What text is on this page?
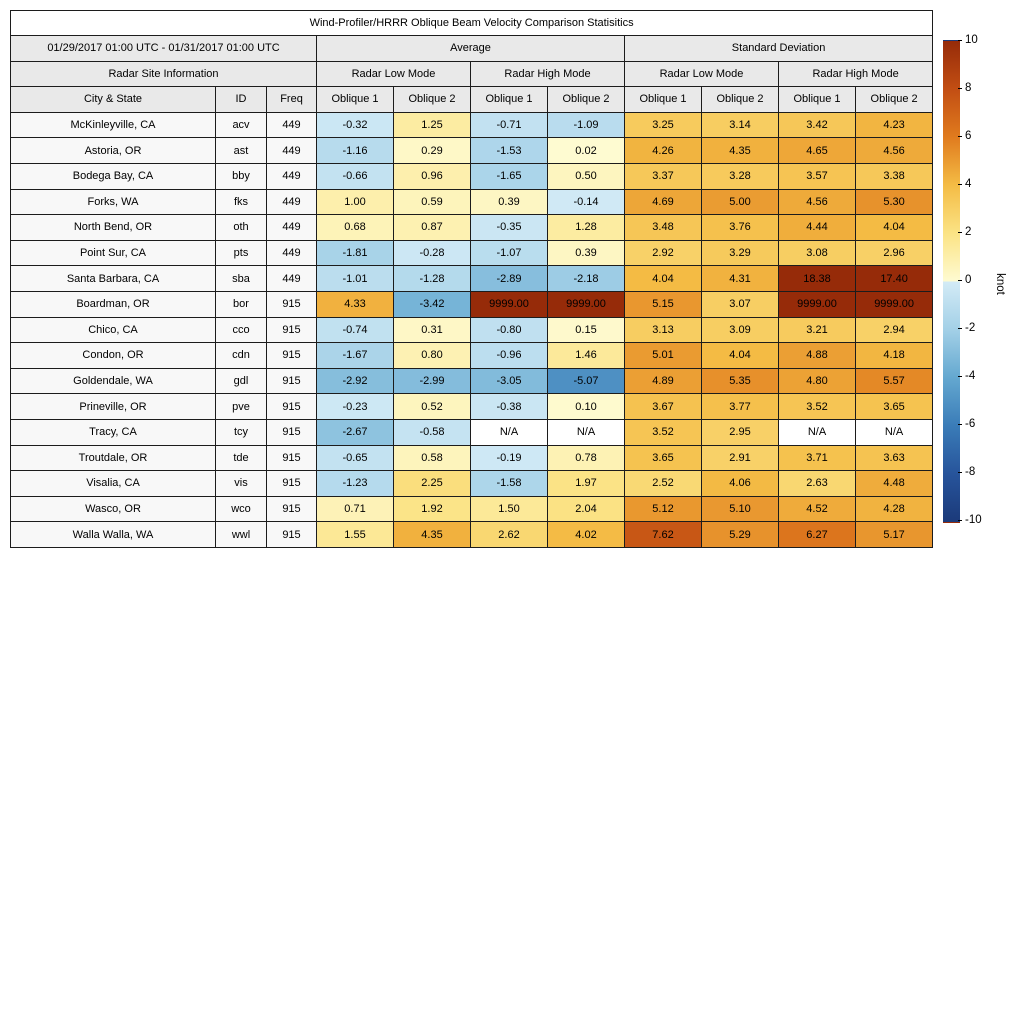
Wind-Profiler/HRRR Oblique Beam Velocity Comparison Statisitics										
01/29/2017 01:00 UTC - 01/31/2017 01:00 UTC			Average				Standard Deviation			
Radar Site Information			Radar Low Mode		Radar High Mode		Radar Low Mode		Radar High Mode	
City & State	ID	Freq	Oblique 1	Oblique 2	Oblique 1	Oblique 2	Oblique 1	Oblique 2	Oblique 1	Oblique 2
McKinleyville, CA	acv	449	-0.32	1.25	-0.71	-1.09	3.25	3.14	3.42	4.23
Astoria, OR	ast	449	-1.16	0.29	-1.53	0.02	4.26	4.35	4.65	4.56
Bodega Bay, CA	bby	449	-0.66	0.96	-1.65	0.50	3.37	3.28	3.57	3.38
Forks, WA	fks	449	1.00	0.59	0.39	-0.14	4.69	5.00	4.56	5.30
North Bend, OR	oth	449	0.68	0.87	-0.35	1.28	3.48	3.76	4.44	4.04
Point Sur, CA	pts	449	-1.81	-0.28	-1.07	0.39	2.92	3.29	3.08	2.96
Santa Barbara, CA	sba	449	-1.01	-1.28	-2.89	-2.18	4.04	4.31	18.38	17.40
Boardman, OR	bor	915	4.33	-3.42	9999.00	9999.00	5.15	3.07	9999.00	9999.00
Chico, CA	cco	915	-0.74	0.31	-0.80	0.15	3.13	3.09	3.21	2.94
Condon, OR	cdn	915	-1.67	0.80	-0.96	1.46	5.01	4.04	4.88	4.18
Goldendale, WA	gdl	915	-2.92	-2.99	-3.05	-5.07	4.89	5.35	4.80	5.57
Prineville, OR	pve	915	-0.23	0.52	-0.38	0.10	3.67	3.77	3.52	3.65
Tracy, CA	tcy	915	-2.67	-0.58	N/A	N/A	3.52	2.95	N/A	N/A
Troutdale, OR	tde	915	-0.65	0.58	-0.19	0.78	3.65	2.91	3.71	3.63
Visalia, CA	vis	915	-1.23	2.25	-1.58	1.97	2.52	4.06	2.63	4.48
Wasco, OR	wco	915	0.71	1.92	1.50	2.04	5.12	5.10	4.52	4.28
Walla Walla, WA	wwl	915	1.55	4.35	2.62	4.02	7.62	5.29	6.27	5.17
10
8
6
4
2
0
-2
-4
-6
-8
-10
knot
